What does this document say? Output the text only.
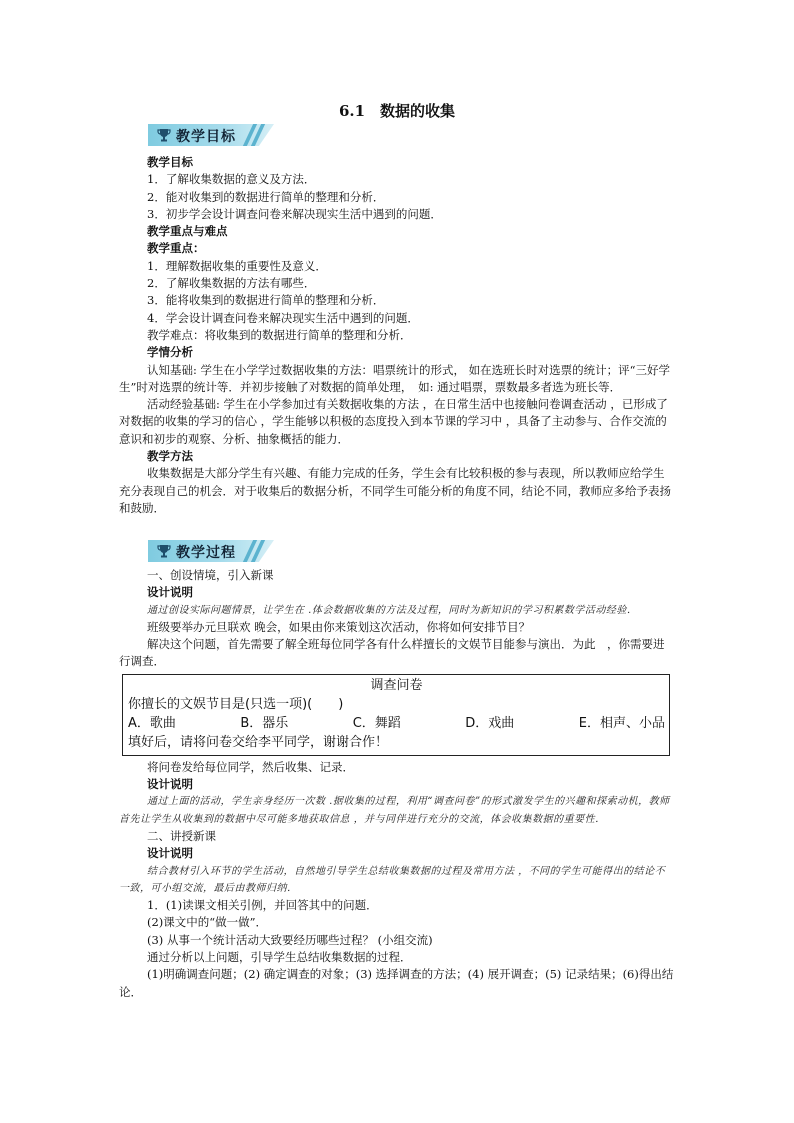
6.1　数据的收集
教学目标
教学过程

教学目标

1．了解收集数据的意义及方法．

2．能对收集到的数据进行简单的整理和分析．

3．初步学会设计调查问卷来解决现实生活中遇到的问题．

教学重点与难点

教学重点：

1．理解数据收集的重要性及意义．

2．了解收集数据的方法有哪些．

3．能将收集到的数据进行简单的整理和分析．

4．学会设计调查问卷来解决现实生活中遇到的问题．

教学难点：将收集到的数据进行简单的整理和分析．

学情分析

认知基础: 学生在小学学过数据收集的方法：唱票统计的形式， 如在选班长时对选票的统计；评“三好学生”时对选票的统计等．并初步接触了对数据的简单处理，　如: 通过唱票，票数最多者选为班长等．

活动经验基础: 学生在小学参加过有关数据收集的方法 ，在日常生活中也接触问卷调查活动 ，已形成了对数据的收集的学习的信心 ，学生能够以积极的态度投入到本节课的学习中 ，具备了主动参与、合作交流的意识和初步的观察、分析、抽象概括的能力．

教学方法

收集数据是大部分学生有兴趣、有能力完成的任务，学生会有比较积极的参与表现，所以教师应给学生充分表现自己的机会．对于收集后的数据分析，不同学生可能分析的角度不同，结论不同，教师应多给予表扬和鼓励．

一、创设情境，引入新课

设计说明

通过创设实际问题情景，让学生在 .体会数据收集的方法及过程，同时为新知识的学习积累数学活动经验．

班级要举办元旦联欢 晚会，如果由你来策划这次活动，你将如何安排节目？

解决这个问题，首先需要了解全班每位同学各有什么样擅长的文娱节目能参与演出．为此　，你需要进行调查．

调查问卷
你擅长的文娱节目是(只选一项)(　　)
A．歌曲	B．器乐	C．舞蹈	D．戏曲	E．相声、小品
填好后，请将问卷交给李平同学，谢谢合作！

将问卷发给每位同学，然后收集、记录．

设计说明

通过上面的活动，学生亲身经历一次数 .据收集的过程，利用“调查问卷”的形式激发学生的兴趣和探索动机，教师首先让学生从收集到的数据中尽可能多地获取信息 ，并与同伴进行充分的交流，体会收集数据的重要性．

二、讲授新课

设计说明

结合教材引入环节的学生活动，自然地引导学生总结收集数据的过程及常用方法 ，不同的学生可能得出的结论不一致，可小组交流，最后由教师归纳．

1．(1)读课文相关引例，并回答其中的问题．

(2)课文中的“做一做”．

(3) 从事一个统计活动大致要经历哪些过程？ (小组交流)

通过分析以上问题，引导学生总结收集数据的过程．

(1)明确调查问题；(2) 确定调查的对象；(3) 选择调查的方法；(4) 展开调查；(5) 记录结果；(6)得出结论．
